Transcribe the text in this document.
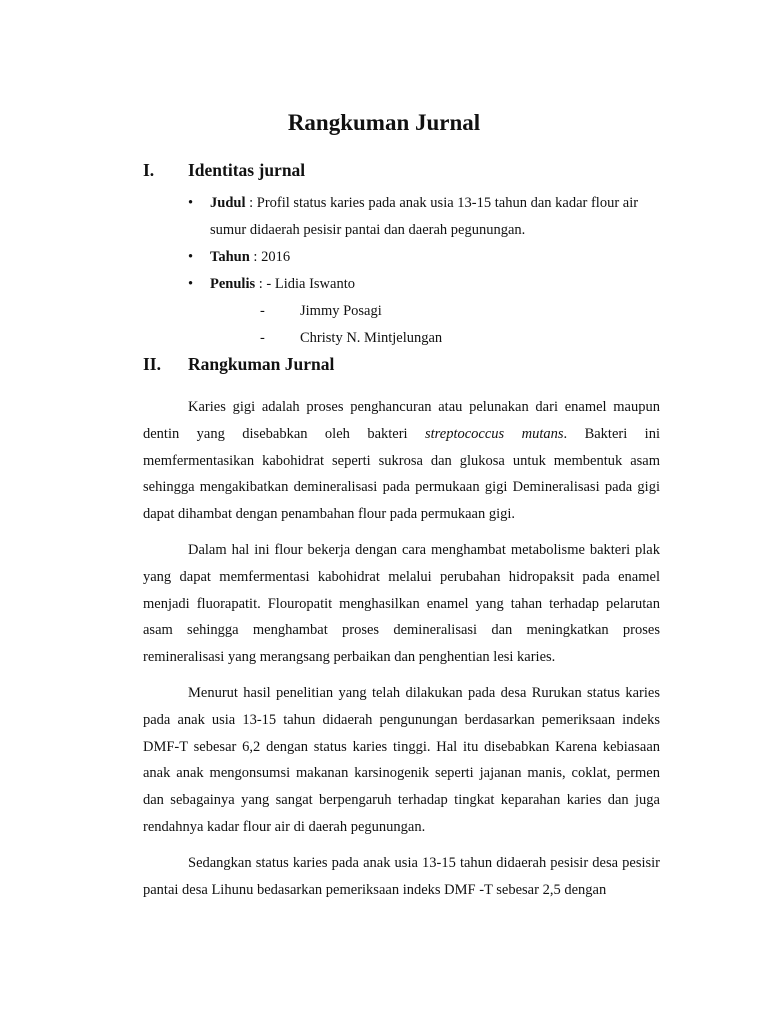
Rangkuman Jurnal
I. Identitas jurnal
• Judul : Profil status karies pada anak usia 13-15 tahun dan kadar flour air sumur didaerah pesisir pantai dan daerah pegunungan.
• Tahun : 2016
• Penulis : - Lidia Iswanto
- Jimmy Posagi
- Christy N. Mintjelungan
II. Rangkuman Jurnal

Karies gigi adalah proses penghancuran atau pelunakan dari enamel maupun dentin yang disebabkan oleh bakteri streptococcus mutans. Bakteri ini memfermentasikan kabohidrat seperti sukrosa dan glukosa untuk membentuk asam sehingga mengakibatkan demineralisasi pada permukaan gigi Demineralisasi pada gigi dapat dihambat dengan penambahan flour pada permukaan gigi.

Dalam hal ini flour bekerja dengan cara menghambat metabolisme bakteri plak yang dapat memfermentasi kabohidrat melalui perubahan hidropaksit pada enamel menjadi fluorapatit. Flouropatit menghasilkan enamel yang tahan terhadap pelarutan asam sehingga menghambat proses demineralisasi dan meningkatkan proses remineralisasi yang merangsang perbaikan dan penghentian lesi karies.

Menurut hasil penelitian yang telah dilakukan pada desa Rurukan status karies pada anak usia 13-15 tahun didaerah pengunungan berdasarkan pemeriksaan indeks DMF-T sebesar 6,2 dengan status karies tinggi. Hal itu disebabkan Karena kebiasaan anak anak mengonsumsi makanan karsinogenik seperti jajanan manis, coklat, permen dan sebagainya yang sangat berpengaruh terhadap tingkat keparahan karies dan juga rendahnya kadar flour air di daerah pegunungan.

Sedangkan status karies pada anak usia 13-15 tahun didaerah pesisir desa pesisir pantai desa Lihunu bedasarkan pemeriksaan indeks DMF -T sebesar 2,5 dengan
